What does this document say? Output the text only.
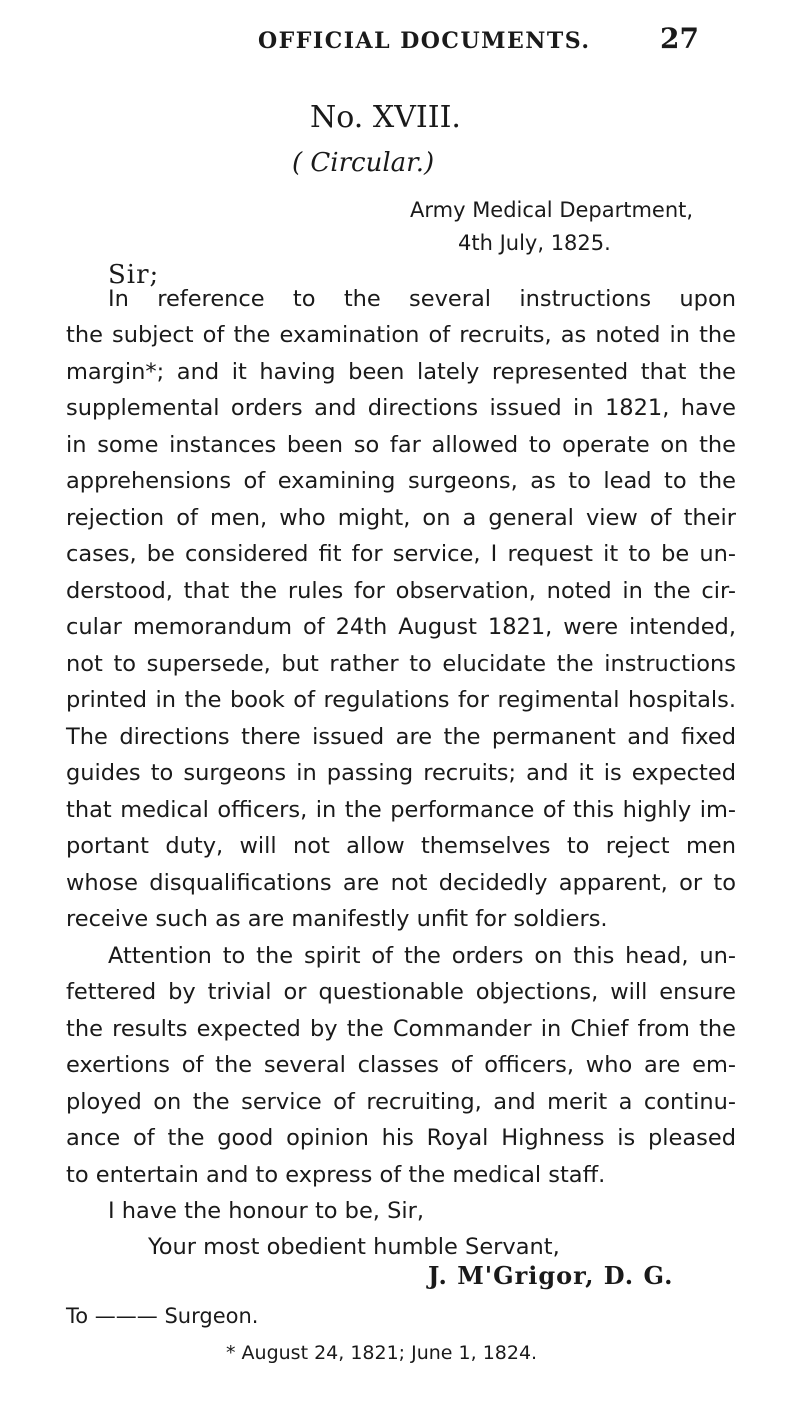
OFFICIAL DOCUMENTS. 27
No. XVIII.
( Circular.)
Army Medical Department,
4th July, 1825.
Sir;
In reference to the several instructions upon
the subject of the examination of recruits, as noted in the
margin*; and it having been lately represented that the
supplemental orders and directions issued in 1821, have
in some instances been so far allowed to operate on the
apprehensions of examining surgeons, as to lead to the
rejection of men, who might, on a general view of their
cases, be considered fit for service, I request it to be un-
derstood, that the rules for observation, noted in the cir-
cular memorandum of 24th August 1821, were intended,
not to supersede, but rather to elucidate the instructions
printed in the book of regulations for regimental hospitals.
The directions there issued are the permanent and fixed
guides to surgeons in passing recruits; and it is expected
that medical officers, in the performance of this highly im-
portant duty, will not allow themselves to reject men
whose disqualifications are not decidedly apparent, or to
receive such as are manifestly unfit for soldiers.
Attention to the spirit of the orders on this head, un-
fettered by trivial or questionable objections, will ensure
the results expected by the Commander in Chief from the
exertions of the several classes of officers, who are em-
ployed on the service of recruiting, and merit a continu-
ance of the good opinion his Royal Highness is pleased
to entertain and to express of the medical staff.
I have the honour to be, Sir,
Your most obedient humble Servant,
J. M'Grigor, D. G.
To ——— Surgeon.
* August 24, 1821; June 1, 1824.
